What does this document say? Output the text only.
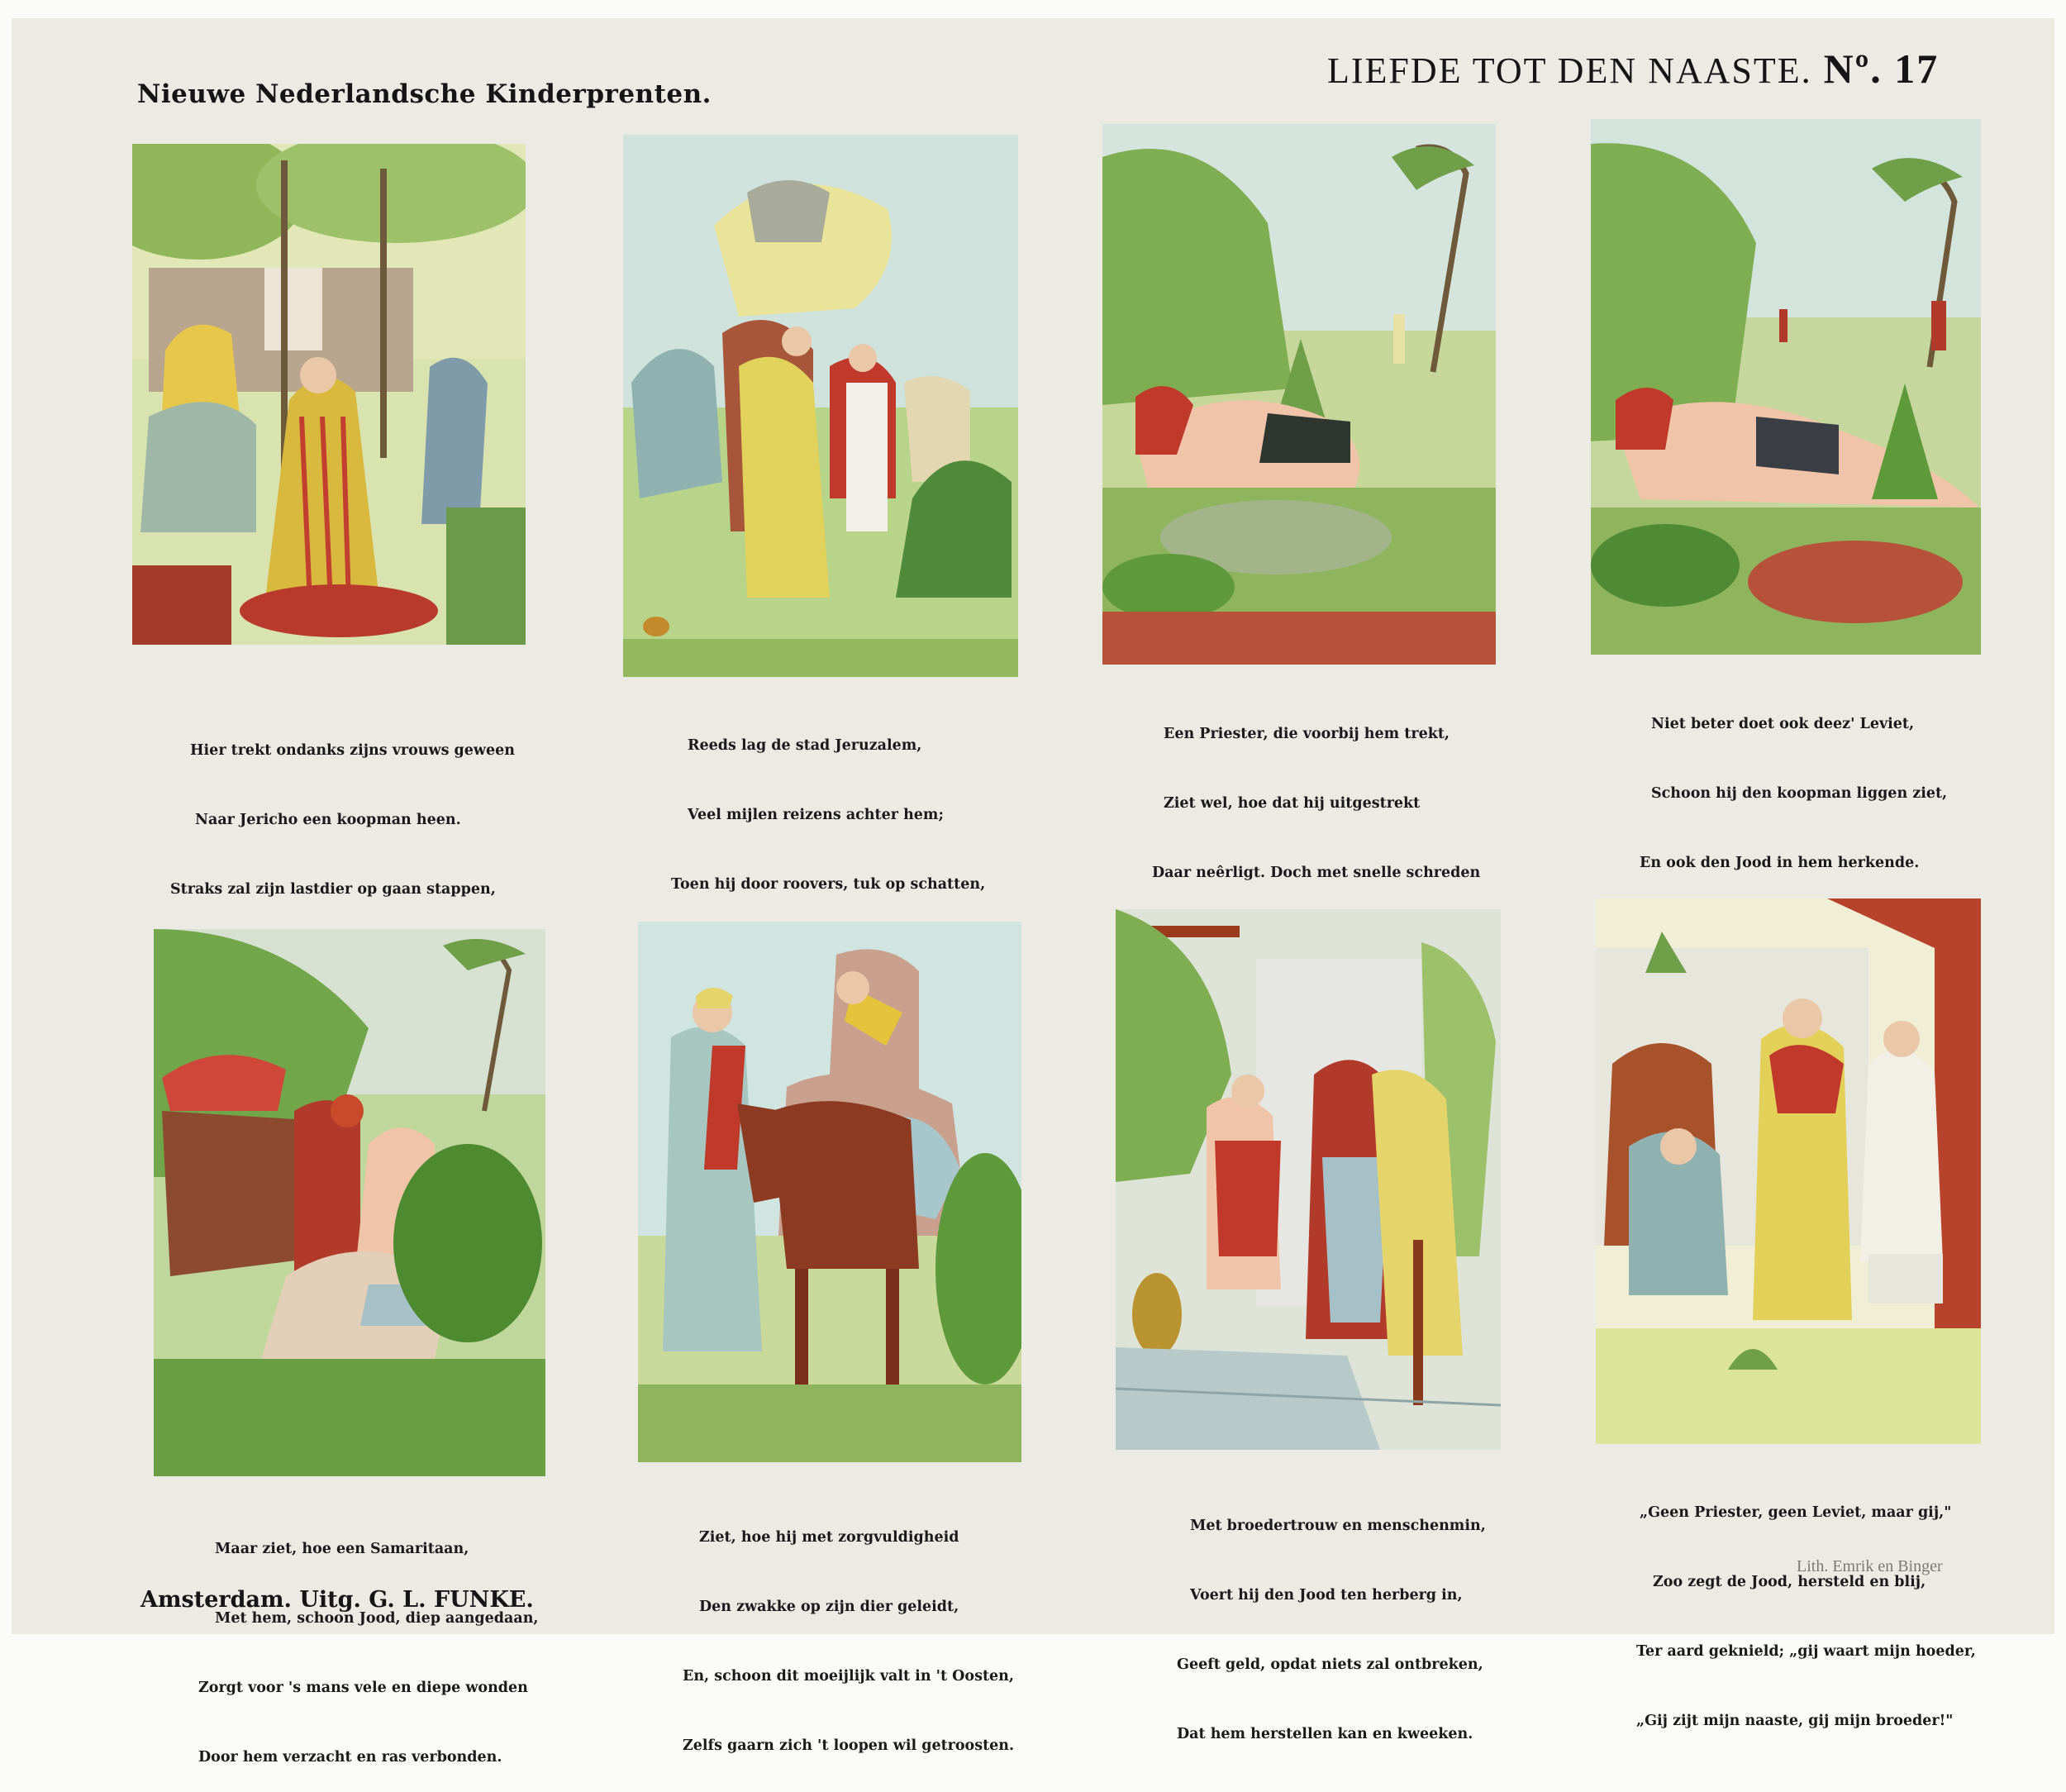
Nieuwe Nederlandsche Kinderprenten.
LIEFDE TOT DEN NAASTE. Nº. 17

Hier trekt ondanks zijns vrouws geween

Naar Jericho een koopman heen.

Straks zal zijn lastdier op gaan stappen,

Reeds lag de stad Jeruzalem,

Veel mijlen reizens achter hem;

Toen hij door roovers, tuk op schatten,

Een Priester, die voorbij hem trekt,

Ziet wel, hoe dat hij uitgestrekt

Daar neêrligt. Doch met snelle schreden

Niet beter doet ook deez' Leviet,

Schoon hij den koopman liggen ziet,

En ook den Jood in hem herkende.

Maar ziet, hoe een Samaritaan,

Met hem, schoon Jood, diep aangedaan,

Zorgt voor 's mans vele en diepe wonden

Door hem verzacht en ras verbonden.

Ziet, hoe hij met zorgvuldigheid

Den zwakke op zijn dier geleidt,

En, schoon dit moeijlijk valt in 't Oosten,

Zelfs gaarn zich 't loopen wil getroosten.

Met broedertrouw en menschenmin,

Voert hij den Jood ten herberg in,

Geeft geld, opdat niets zal ontbreken,

Dat hem herstellen kan en kweeken.

„Geen Priester, geen Leviet, maar gij,"

Zoo zegt de Jood, hersteld en blij,

Ter aard geknield; „gij waart mijn hoeder,

„Gij zijt mijn naaste, gij mijn broeder!"

Amsterdam. Uitg. G. L. FUNKE.
Lith. Emrik en Binger
